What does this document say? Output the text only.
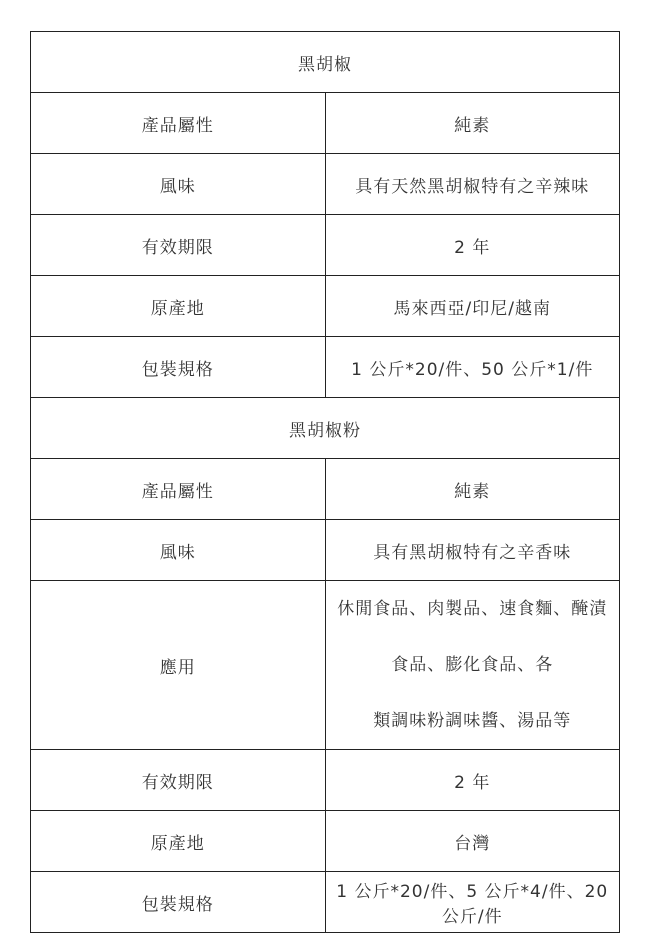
黑胡椒	
產品屬性	純素
風味	具有天然黑胡椒特有之辛辣味
有效期限	2 年
原產地	馬來西亞/印尼/越南
包裝規格	1 公斤*20/件、50 公斤*1/件
黑胡椒粉	
產品屬性	純素
風味	具有黑胡椒特有之辛香味
應用	休閒食品、肉製品、速食麵、醃漬食品、膨化食品、各
類調味粉調味醬、湯品等

有效期限	2 年
原產地	台灣
包裝規格	1 公斤*20/件、5 公斤*4/件、20 公斤/件
